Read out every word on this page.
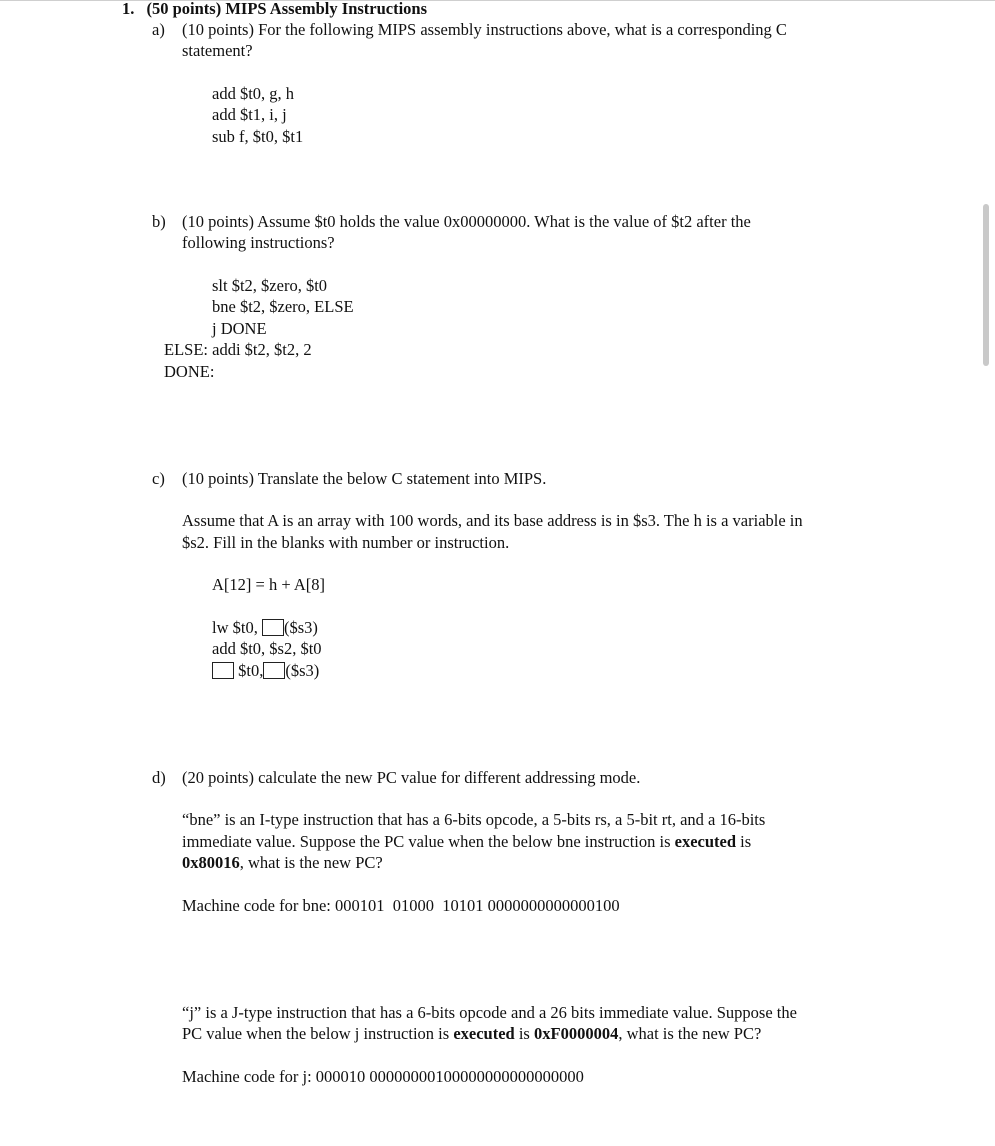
1. (50 points) MIPS Assembly Instructions
a) (10 points) For the following MIPS assembly instructions above, what is a corresponding C
statement?
add $t0, g, h
add $t1, i, j
sub f, $t0, $t1
b) (10 points) Assume $t0 holds the value 0x00000000. What is the value of $t2 after the
following instructions?
slt $t2, $zero, $t0
bne $t2, $zero, ELSE
j DONE
ELSE: addi $t2, $t2, 2
DONE:
c) (10 points) Translate the below C statement into MIPS.
Assume that A is an array with 100 words, and its base address is in $s3. The h is a variable in
$s2. Fill in the blanks with number or instruction.
A[12] = h + A[8]
lw $t0, ($s3)
add $t0, $s2, $t0
$t0, ($s3)
d) (20 points) calculate the new PC value for different addressing mode.
“bne” is an I-type instruction that has a 6-bits opcode, a 5-bits rs, a 5-bit rt, and a 16-bits
immediate value. Suppose the PC value when the below bne instruction is executed is
0x80016, what is the new PC?
Machine code for bne: 000101  01000  10101 0000000000000100
“j” is a J-type instruction that has a 6-bits opcode and a 26 bits immediate value. Suppose the
PC value when the below j instruction is executed is 0xF0000004, what is the new PC?
Machine code for j: 000010 00000000100000000000000000
